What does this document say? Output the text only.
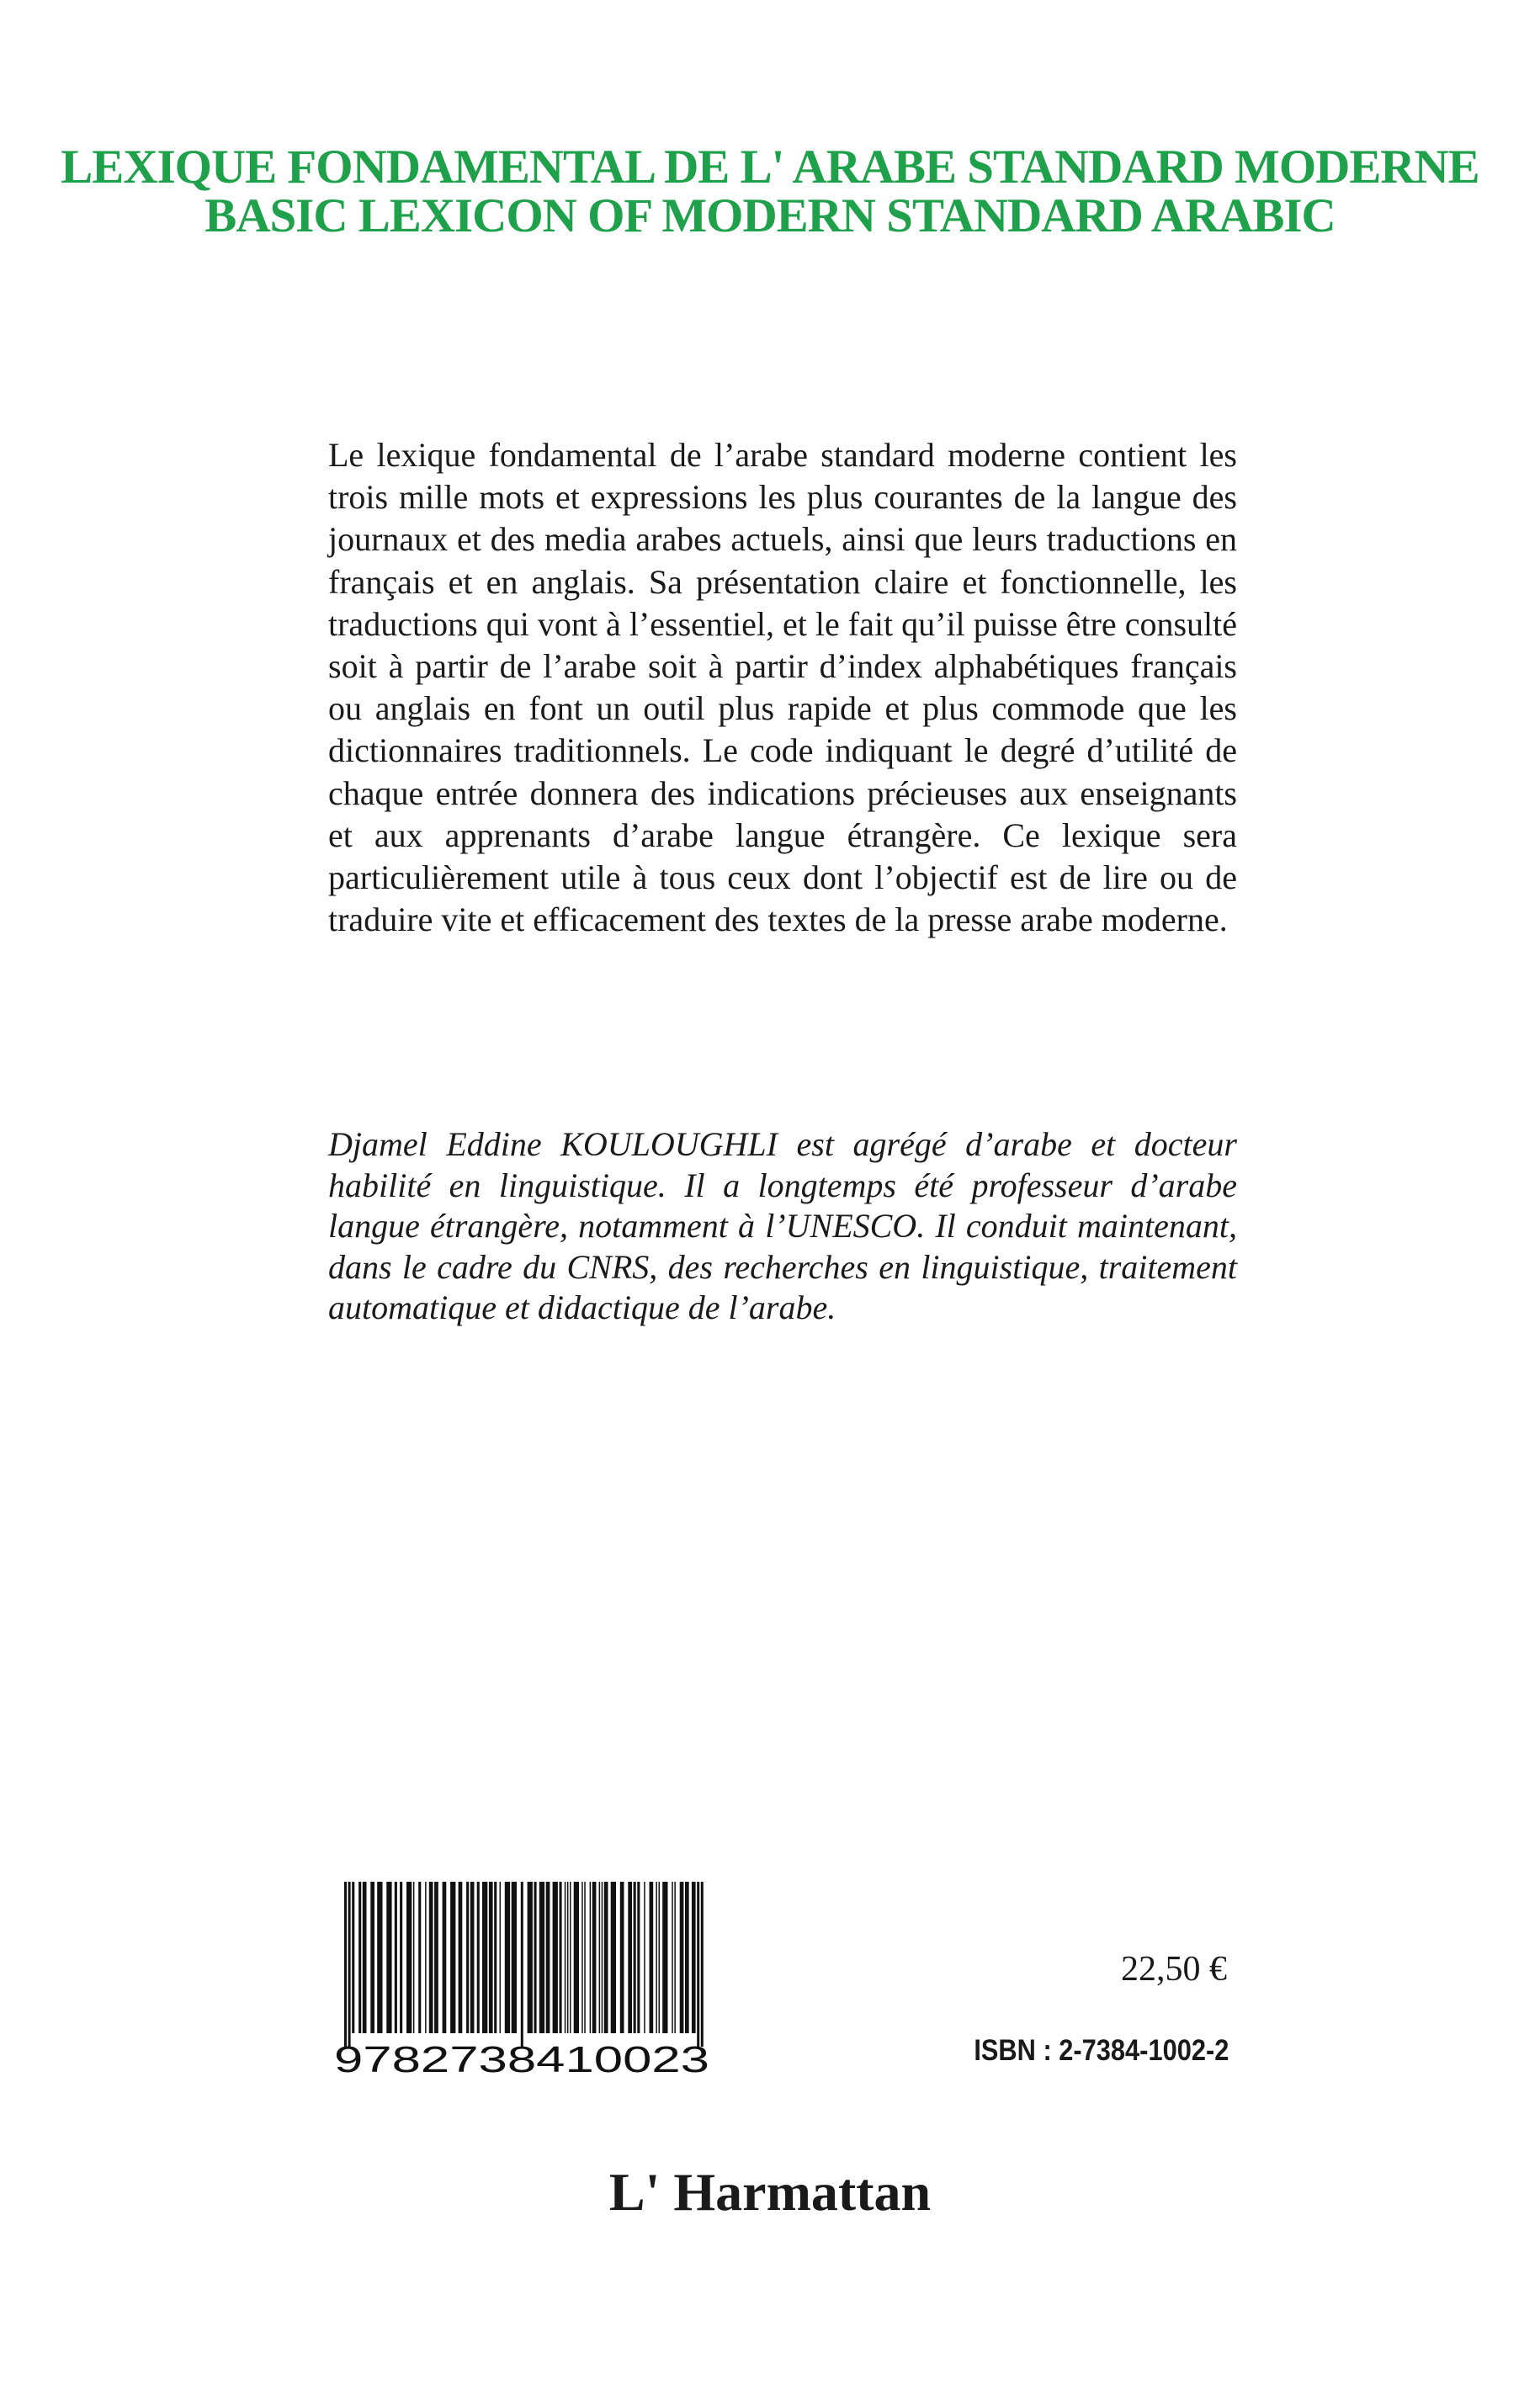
LEXIQUE FONDAMENTAL DE L' ARABE STANDARD MODERNE
BASIC LEXICON OF MODERN STANDARD ARABIC

Le lexique fondamental de l’arabe standard moderne contient les trois mille mots et expressions les plus courantes de la langue des journaux et des media arabes actuels, ainsi que leurs traductions en français et en anglais. Sa présentation claire et fonctionnelle, les traductions qui vont à l’essentiel, et le fait qu’il puisse être consulté soit à partir de l’arabe soit à partir d’index alphabétiques français ou anglais en font un outil plus rapide et plus commode que les dictionnaires traditionnels. Le code indiquant le degré d’utilité de chaque entrée donnera des indications précieuses aux enseignants et aux apprenants d’arabe langue étrangère. Ce lexique sera particulièrement utile à tous ceux dont l’objectif est de lire ou de traduire vite et efficacement des textes de la presse arabe moderne.

Djamel Eddine KOULOUGHLI est agrégé d’arabe et docteur habilité en linguistique. Il a longtemps été professeur d’arabe langue étrangère, notamment à l’UNESCO. Il conduit maintenant, dans le cadre du CNRS, des recherches en linguistique, traitement automatique et didactique de l’arabe.

9782738410023

22,50 €

ISBN : 2-7384-1002-2

L' Harmattan
